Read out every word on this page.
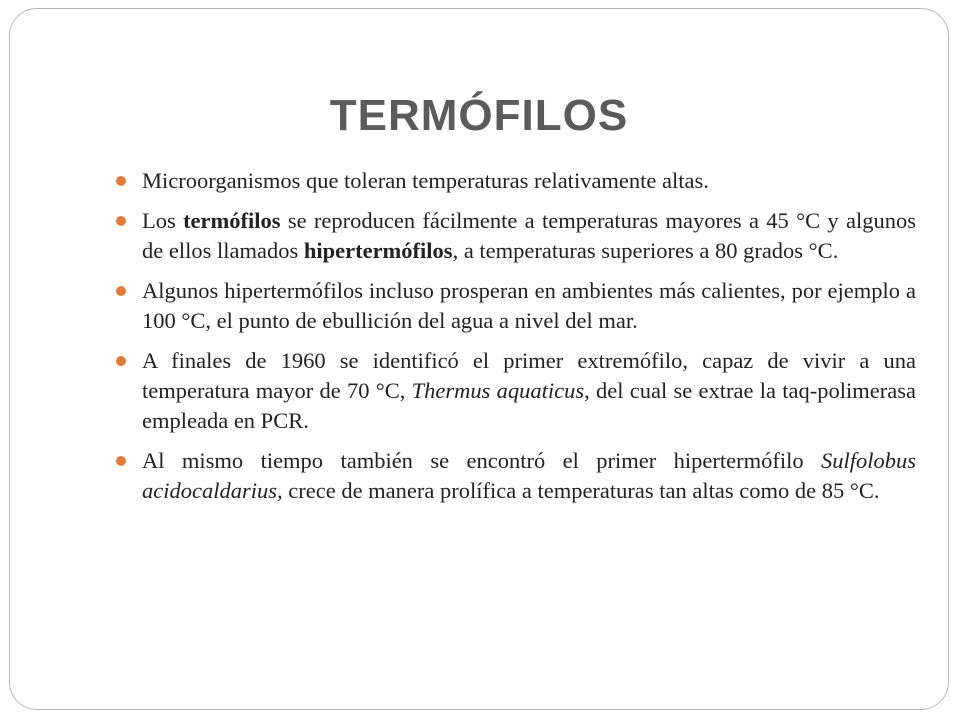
TERMÓFILOS
Microorganismos que toleran temperaturas relativamente altas.
Los termófilos se reproducen fácilmente a temperaturas mayores a 45 °C y algunos de ellos llamados hipertermófilos, a temperaturas superiores a 80 grados °C.
Algunos hipertermófilos incluso prosperan en ambientes más calientes, por ejemplo a 100 °C, el punto de ebullición del agua a nivel del mar.
A finales de 1960 se identificó el primer extremófilo, capaz de vivir a una temperatura mayor de 70 °C, Thermus aquaticus, del cual se extrae la taq-polimerasa empleada en PCR.
Al mismo tiempo también se encontró el primer hipertermófilo Sulfolobus acidocaldarius, crece de manera prolífica a temperaturas tan altas como de 85 °C.
